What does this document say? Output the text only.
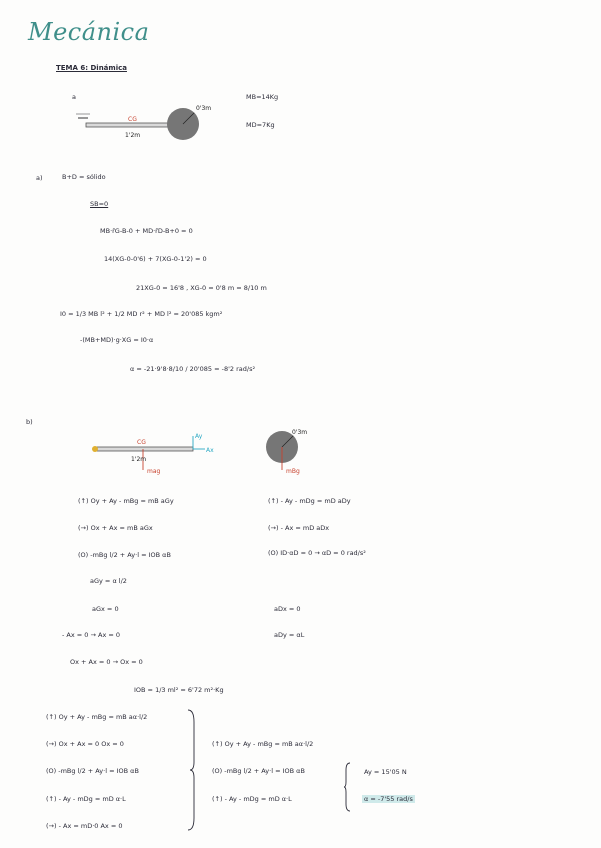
Mecánica
TEMA 6: Dinámica
a	MB=14Kg
MD=7Kg
CG
0'3m
1'2m
a)	B+D = sólido
SB=0
MB·r̄G-B-0 + MD·r̄D-B+0 = 0
14(XG-0-0'6) + 7(XG-0-1'2) = 0
21XG-0 = 16'8 , XG-0 = 0'8 m = 8/10 m
I0 = 1/3 MB l² + 1/2 MD r² + MD l² = 20'085 kgm²
-(MB+MD)·g·XG = I0·α
α = -21·9'8·8/10 / 20'085 = -8'2 rad/s²
b)
CG
Ay
Ax
mag
1'2m
0'3m
mBg
(↑) Oy + Ay - mBg = mB aGy
(→) Ox + Ax = mB aGx
(O) -mBg l/2 + Ay·l = IOB αB
aGy = α l/2
aGx = 0
- Ax = 0 → Ax = 0
Ox + Ax = 0 → Ox = 0
IOB = 1/3 ml² = 6'72 m²·Kg
(↑) - Ay - mDg = mD aDy
(→) - Ax = mD aDx
(O) ID·αD = 0 → αD = 0 rad/s²
aDx = 0
aDy = αL
(↑) Oy + Ay - mBg = mB aα·l/2
(→) Ox + Ax = 0 Ox = 0
(O) -mBg l/2 + Ay·l = IOB αB
(↑) - Ay - mDg = mD α·L
(→) - Ax = mD·0 Ax = 0
(↑) Oy + Ay - mBg = mB aα·l/2
(O) -mBg l/2 + Ay·l = IOB αB
(↑) - Ay - mDg = mD α·L
Ay = 15'05 N
α = -7'55 rad/s
